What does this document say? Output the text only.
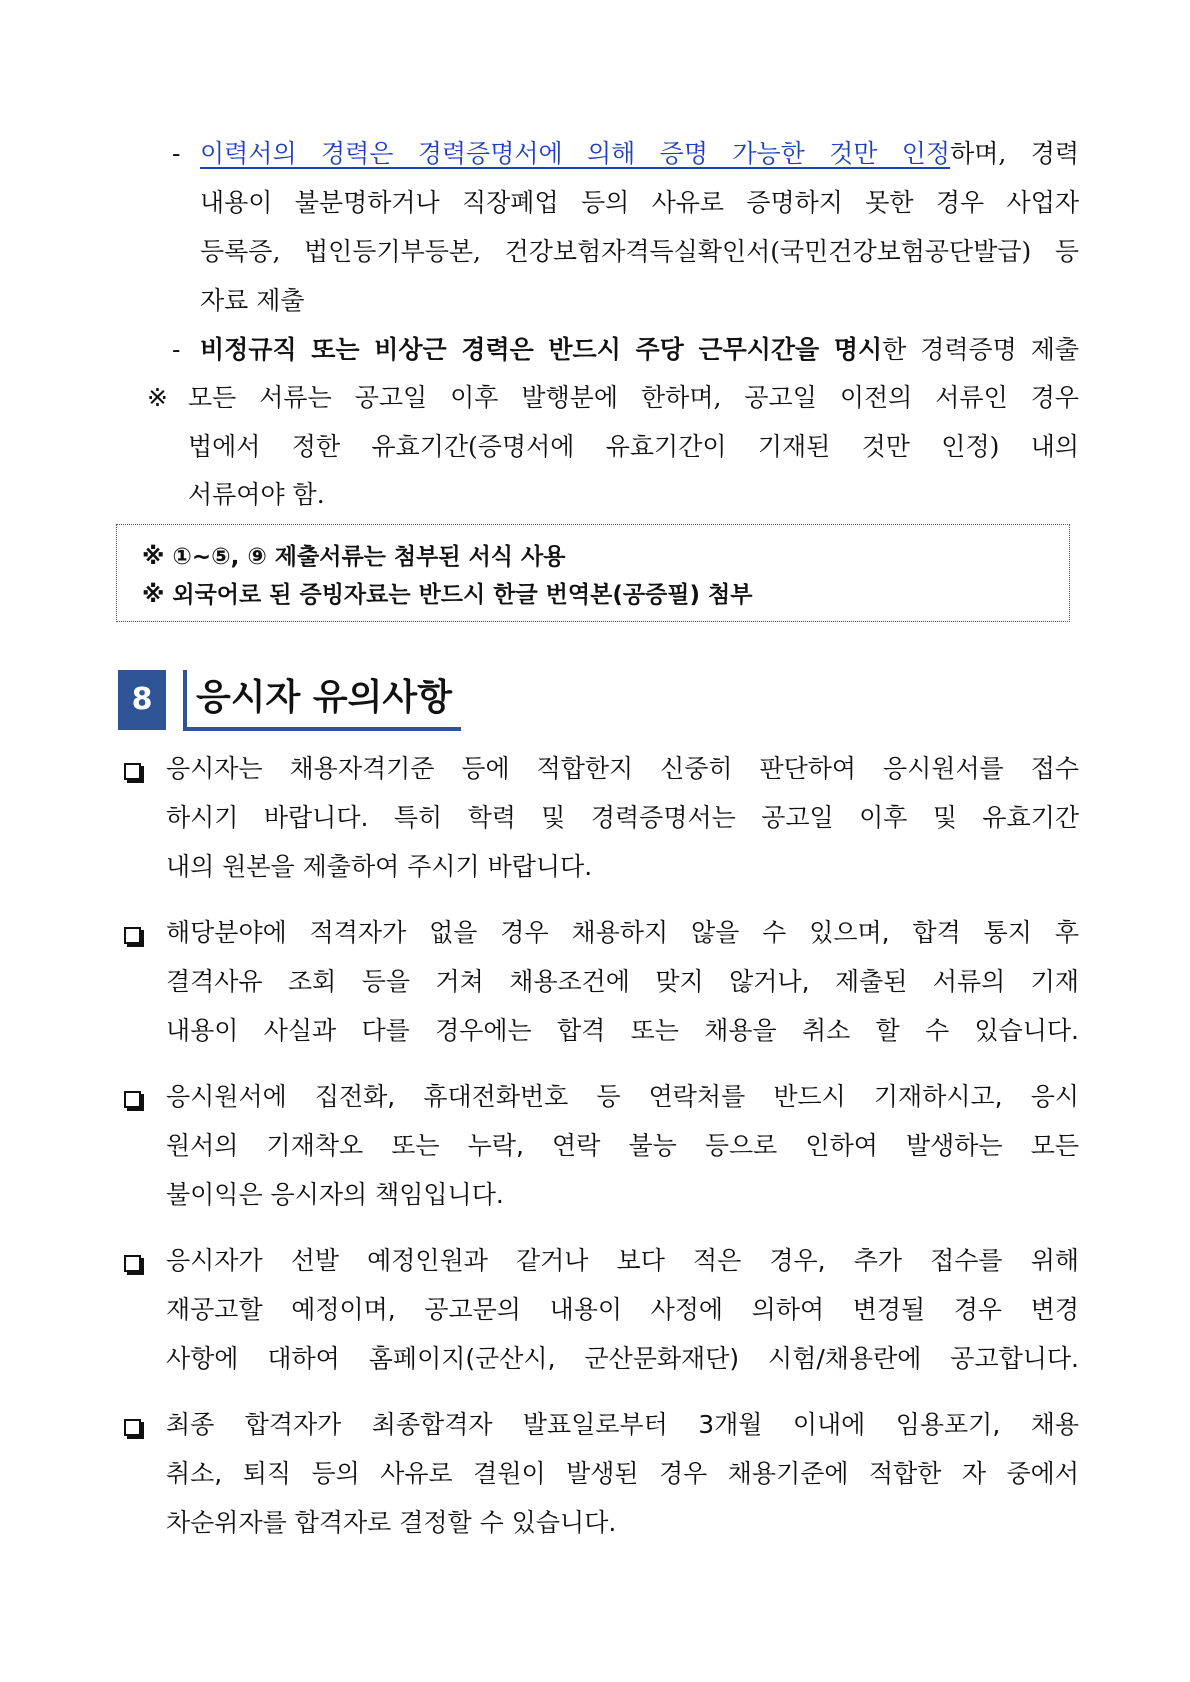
- 이력서의 경력은 경력증명서에 의해 증명 가능한 것만 인정하며, 경력
내용이 불분명하거나 직장폐업 등의 사유로 증명하지 못한 경우 사업자
등록증, 법인등기부등본, 건강보험자격득실확인서(국민건강보험공단발급) 등
자료 제출
- 비정규직 또는 비상근 경력은 반드시 주당 근무시간을 명시한 경력증명 제출
※ 모든 서류는 공고일 이후 발행분에 한하며, 공고일 이전의 서류인 경우
법에서 정한 유효기간(증명서에 유효기간이 기재된 것만 인정) 내의
서류여야 함.
※ ①~⑤, ⑨ 제출서류는 첨부된 서식 사용
※ 외국어로 된 증빙자료는 반드시 한글 번역본(공증필) 첨부
8	응시자 유의사항
응시자는 채용자격기준 등에 적합한지 신중히 판단하여 응시원서를 접수
하시기 바랍니다. 특히 학력 및 경력증명서는 공고일 이후 및 유효기간
내의 원본을 제출하여 주시기 바랍니다.
해당분야에 적격자가 없을 경우 채용하지 않을 수 있으며, 합격 통지 후
결격사유 조회 등을 거쳐 채용조건에 맞지 않거나, 제출된 서류의 기재
내용이 사실과 다를 경우에는 합격 또는 채용을 취소 할 수 있습니다.
응시원서에 집전화, 휴대전화번호 등 연락처를 반드시 기재하시고, 응시
원서의 기재착오 또는 누락, 연락 불능 등으로 인하여 발생하는 모든
불이익은 응시자의 책임입니다.
응시자가 선발 예정인원과 같거나 보다 적은 경우, 추가 접수를 위해
재공고할 예정이며, 공고문의 내용이 사정에 의하여 변경될 경우 변경
사항에 대하여 홈페이지(군산시, 군산문화재단) 시험/채용란에 공고합니다.
최종 합격자가 최종합격자 발표일로부터 3개월 이내에 임용포기, 채용
취소, 퇴직 등의 사유로 결원이 발생된 경우 채용기준에 적합한 자 중에서
차순위자를 합격자로 결정할 수 있습니다.
